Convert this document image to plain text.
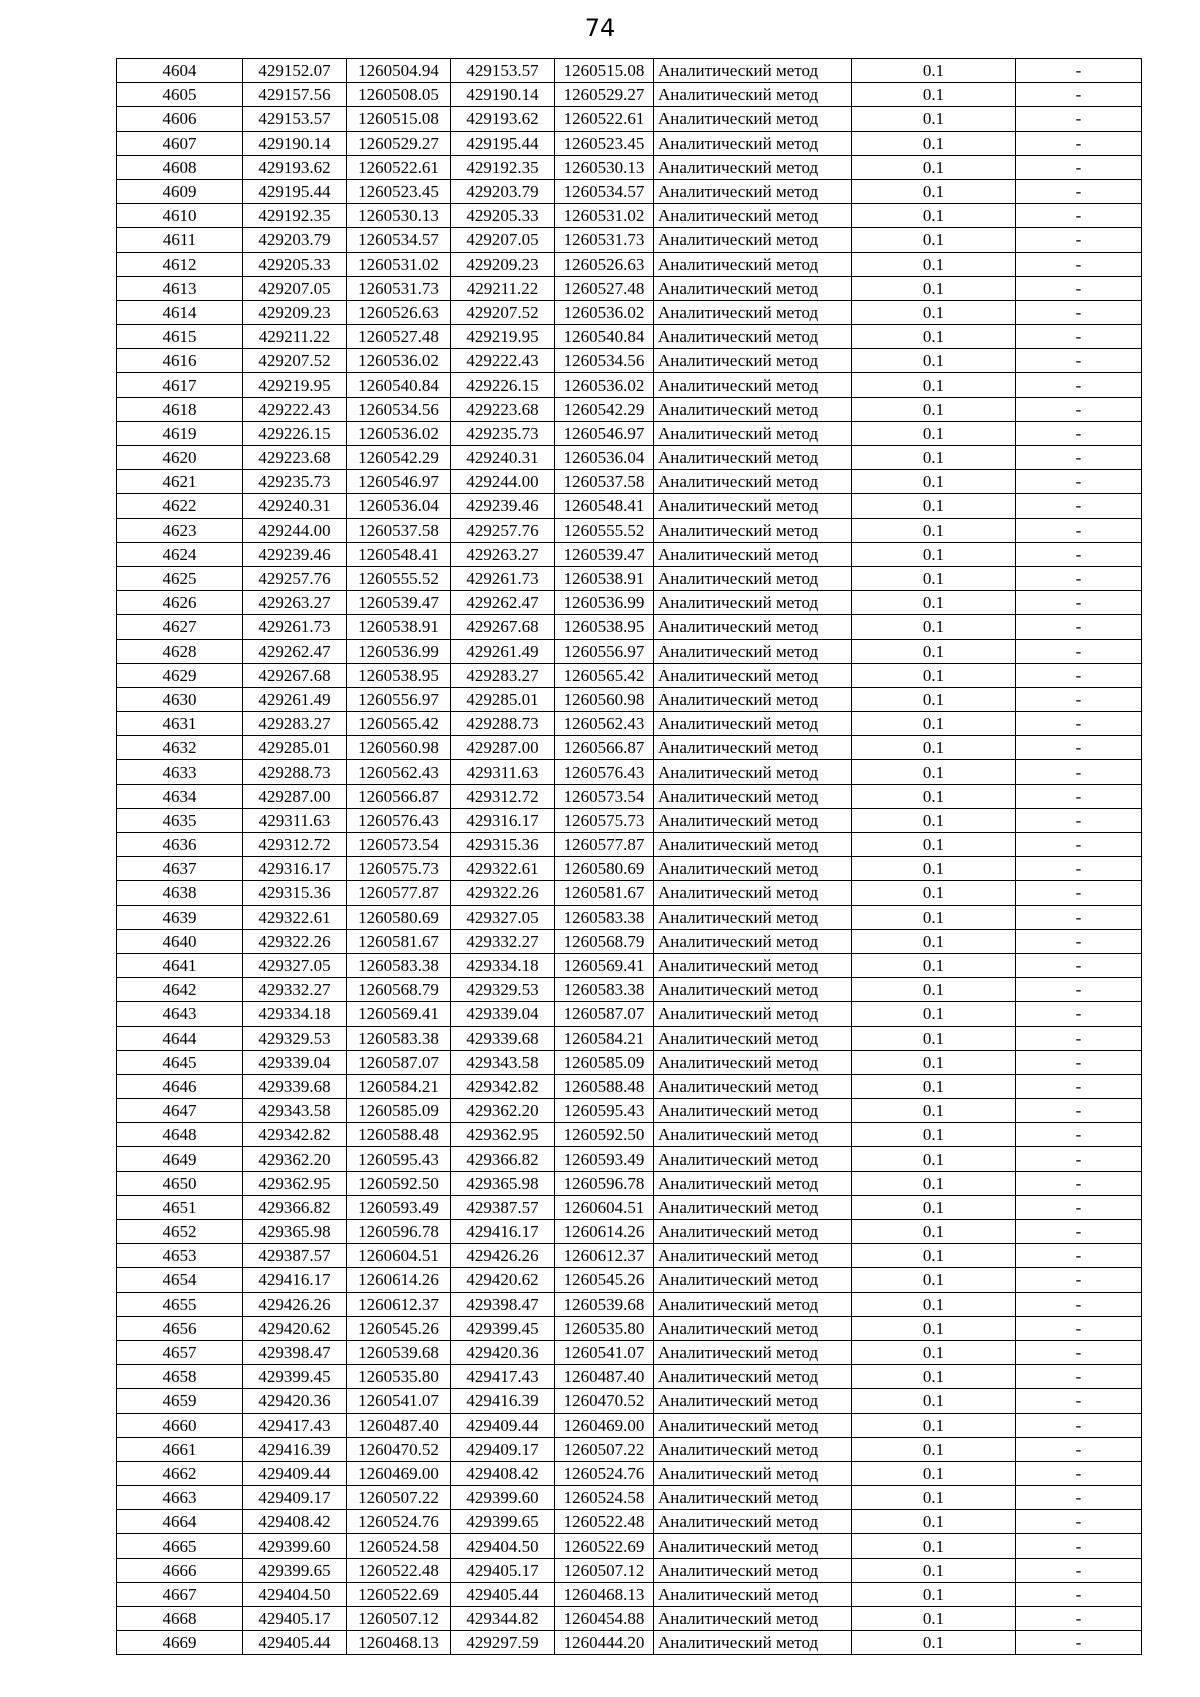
74
4604	429152.07	1260504.94	429153.57	1260515.08	Аналитический метод	0.1	-
4605	429157.56	1260508.05	429190.14	1260529.27	Аналитический метод	0.1	-
4606	429153.57	1260515.08	429193.62	1260522.61	Аналитический метод	0.1	-
4607	429190.14	1260529.27	429195.44	1260523.45	Аналитический метод	0.1	-
4608	429193.62	1260522.61	429192.35	1260530.13	Аналитический метод	0.1	-
4609	429195.44	1260523.45	429203.79	1260534.57	Аналитический метод	0.1	-
4610	429192.35	1260530.13	429205.33	1260531.02	Аналитический метод	0.1	-
4611	429203.79	1260534.57	429207.05	1260531.73	Аналитический метод	0.1	-
4612	429205.33	1260531.02	429209.23	1260526.63	Аналитический метод	0.1	-
4613	429207.05	1260531.73	429211.22	1260527.48	Аналитический метод	0.1	-
4614	429209.23	1260526.63	429207.52	1260536.02	Аналитический метод	0.1	-
4615	429211.22	1260527.48	429219.95	1260540.84	Аналитический метод	0.1	-
4616	429207.52	1260536.02	429222.43	1260534.56	Аналитический метод	0.1	-
4617	429219.95	1260540.84	429226.15	1260536.02	Аналитический метод	0.1	-
4618	429222.43	1260534.56	429223.68	1260542.29	Аналитический метод	0.1	-
4619	429226.15	1260536.02	429235.73	1260546.97	Аналитический метод	0.1	-
4620	429223.68	1260542.29	429240.31	1260536.04	Аналитический метод	0.1	-
4621	429235.73	1260546.97	429244.00	1260537.58	Аналитический метод	0.1	-
4622	429240.31	1260536.04	429239.46	1260548.41	Аналитический метод	0.1	-
4623	429244.00	1260537.58	429257.76	1260555.52	Аналитический метод	0.1	-
4624	429239.46	1260548.41	429263.27	1260539.47	Аналитический метод	0.1	-
4625	429257.76	1260555.52	429261.73	1260538.91	Аналитический метод	0.1	-
4626	429263.27	1260539.47	429262.47	1260536.99	Аналитический метод	0.1	-
4627	429261.73	1260538.91	429267.68	1260538.95	Аналитический метод	0.1	-
4628	429262.47	1260536.99	429261.49	1260556.97	Аналитический метод	0.1	-
4629	429267.68	1260538.95	429283.27	1260565.42	Аналитический метод	0.1	-
4630	429261.49	1260556.97	429285.01	1260560.98	Аналитический метод	0.1	-
4631	429283.27	1260565.42	429288.73	1260562.43	Аналитический метод	0.1	-
4632	429285.01	1260560.98	429287.00	1260566.87	Аналитический метод	0.1	-
4633	429288.73	1260562.43	429311.63	1260576.43	Аналитический метод	0.1	-
4634	429287.00	1260566.87	429312.72	1260573.54	Аналитический метод	0.1	-
4635	429311.63	1260576.43	429316.17	1260575.73	Аналитический метод	0.1	-
4636	429312.72	1260573.54	429315.36	1260577.87	Аналитический метод	0.1	-
4637	429316.17	1260575.73	429322.61	1260580.69	Аналитический метод	0.1	-
4638	429315.36	1260577.87	429322.26	1260581.67	Аналитический метод	0.1	-
4639	429322.61	1260580.69	429327.05	1260583.38	Аналитический метод	0.1	-
4640	429322.26	1260581.67	429332.27	1260568.79	Аналитический метод	0.1	-
4641	429327.05	1260583.38	429334.18	1260569.41	Аналитический метод	0.1	-
4642	429332.27	1260568.79	429329.53	1260583.38	Аналитический метод	0.1	-
4643	429334.18	1260569.41	429339.04	1260587.07	Аналитический метод	0.1	-
4644	429329.53	1260583.38	429339.68	1260584.21	Аналитический метод	0.1	-
4645	429339.04	1260587.07	429343.58	1260585.09	Аналитический метод	0.1	-
4646	429339.68	1260584.21	429342.82	1260588.48	Аналитический метод	0.1	-
4647	429343.58	1260585.09	429362.20	1260595.43	Аналитический метод	0.1	-
4648	429342.82	1260588.48	429362.95	1260592.50	Аналитический метод	0.1	-
4649	429362.20	1260595.43	429366.82	1260593.49	Аналитический метод	0.1	-
4650	429362.95	1260592.50	429365.98	1260596.78	Аналитический метод	0.1	-
4651	429366.82	1260593.49	429387.57	1260604.51	Аналитический метод	0.1	-
4652	429365.98	1260596.78	429416.17	1260614.26	Аналитический метод	0.1	-
4653	429387.57	1260604.51	429426.26	1260612.37	Аналитический метод	0.1	-
4654	429416.17	1260614.26	429420.62	1260545.26	Аналитический метод	0.1	-
4655	429426.26	1260612.37	429398.47	1260539.68	Аналитический метод	0.1	-
4656	429420.62	1260545.26	429399.45	1260535.80	Аналитический метод	0.1	-
4657	429398.47	1260539.68	429420.36	1260541.07	Аналитический метод	0.1	-
4658	429399.45	1260535.80	429417.43	1260487.40	Аналитический метод	0.1	-
4659	429420.36	1260541.07	429416.39	1260470.52	Аналитический метод	0.1	-
4660	429417.43	1260487.40	429409.44	1260469.00	Аналитический метод	0.1	-
4661	429416.39	1260470.52	429409.17	1260507.22	Аналитический метод	0.1	-
4662	429409.44	1260469.00	429408.42	1260524.76	Аналитический метод	0.1	-
4663	429409.17	1260507.22	429399.60	1260524.58	Аналитический метод	0.1	-
4664	429408.42	1260524.76	429399.65	1260522.48	Аналитический метод	0.1	-
4665	429399.60	1260524.58	429404.50	1260522.69	Аналитический метод	0.1	-
4666	429399.65	1260522.48	429405.17	1260507.12	Аналитический метод	0.1	-
4667	429404.50	1260522.69	429405.44	1260468.13	Аналитический метод	0.1	-
4668	429405.17	1260507.12	429344.82	1260454.88	Аналитический метод	0.1	-
4669	429405.44	1260468.13	429297.59	1260444.20	Аналитический метод	0.1	-
